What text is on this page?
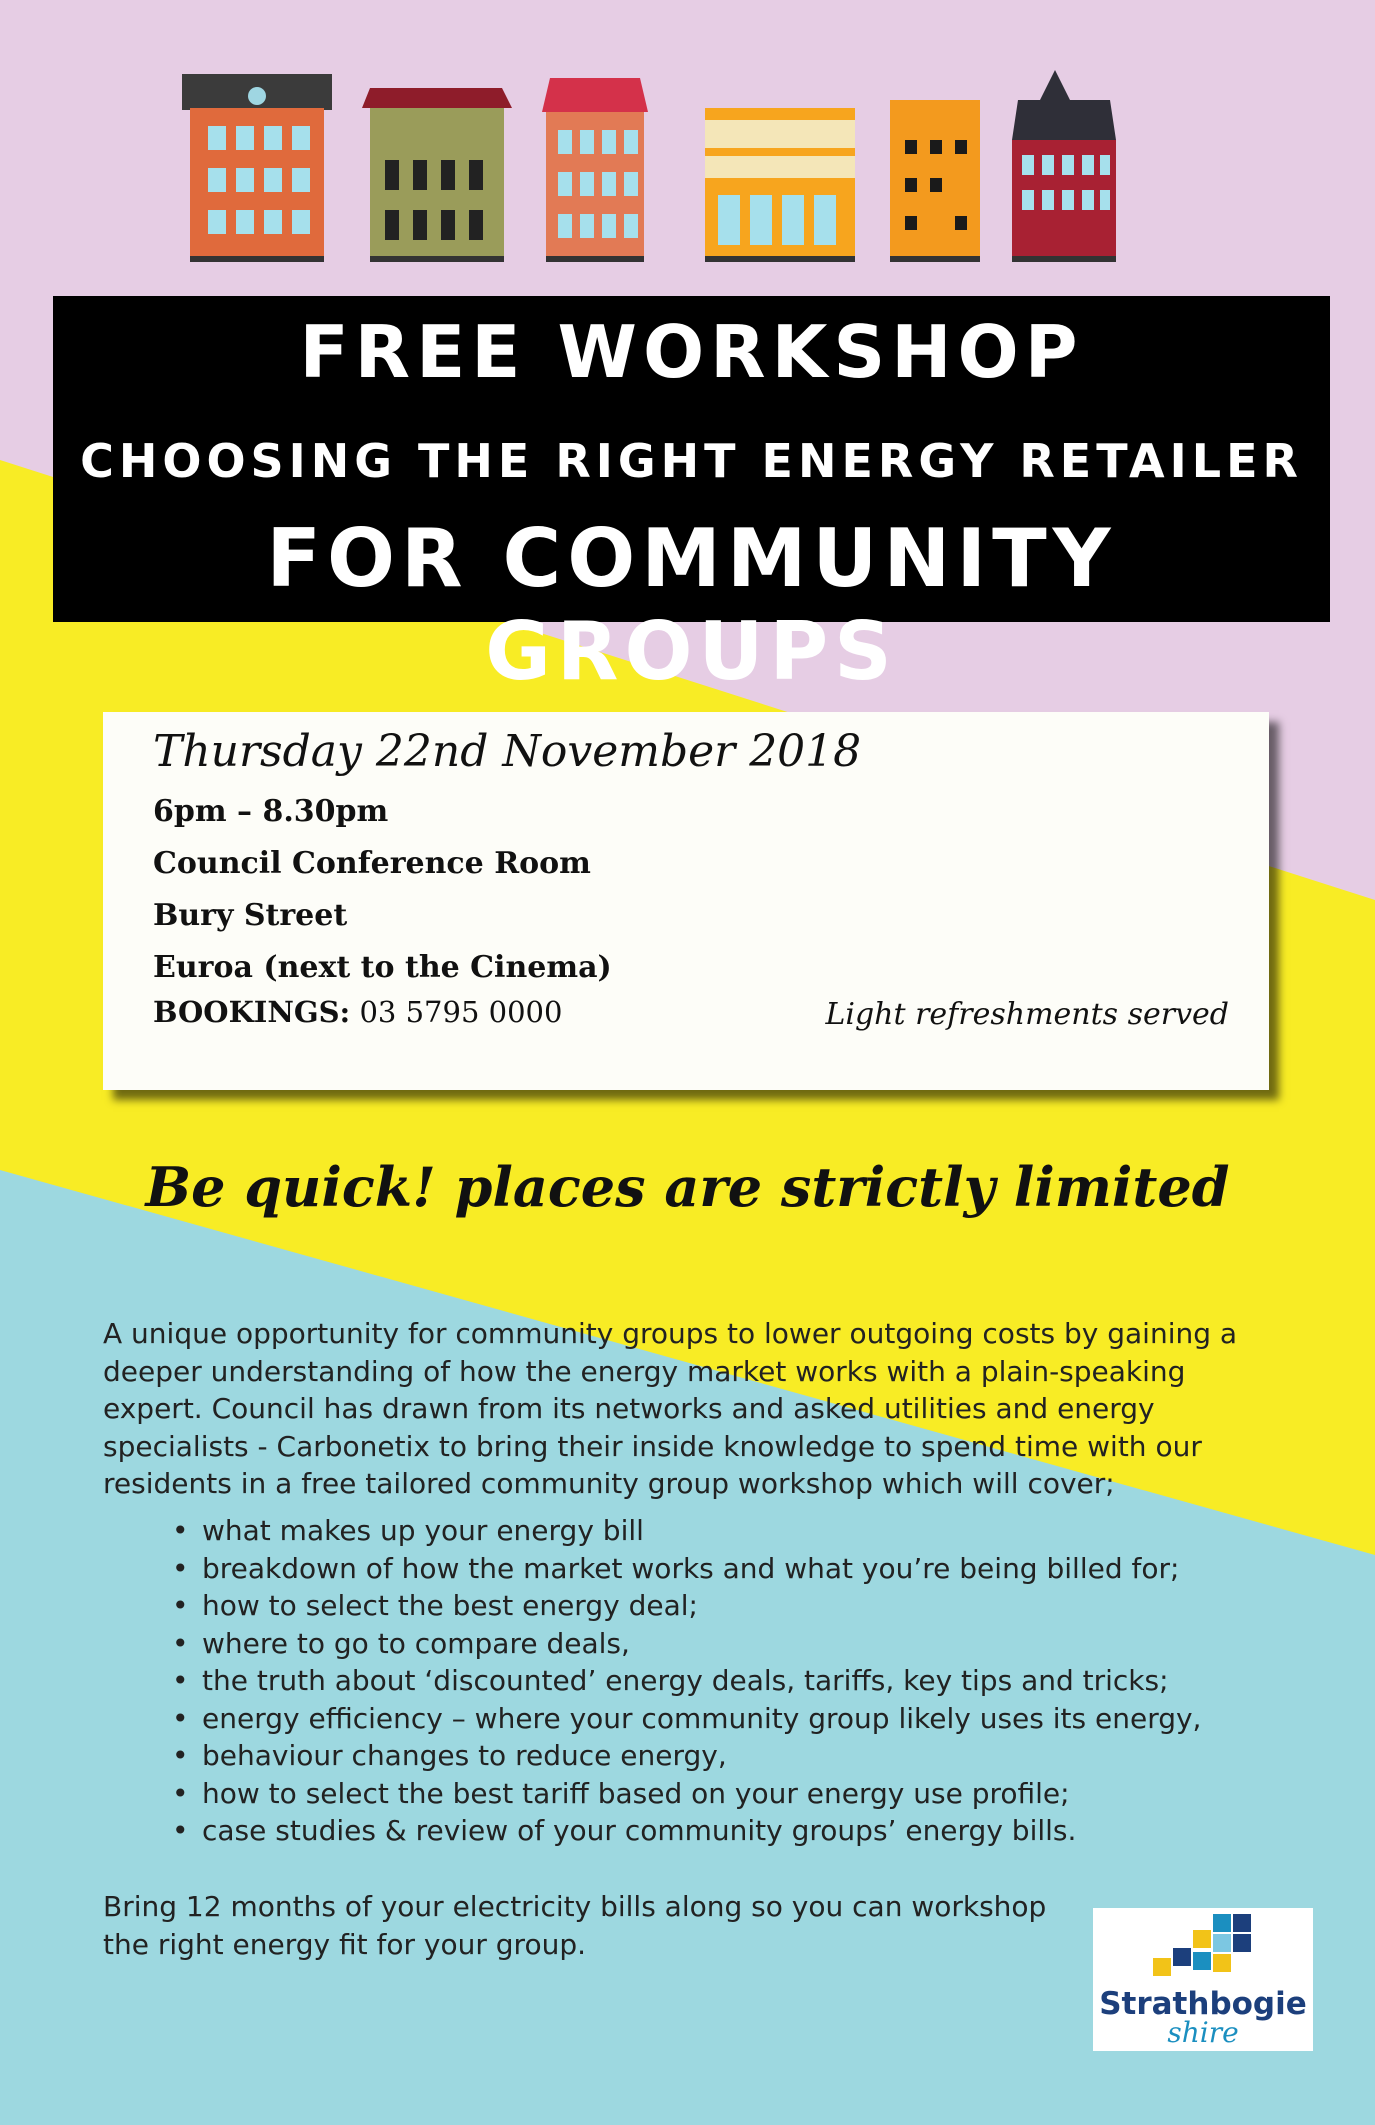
FREE WORKSHOP
CHOOSING THE RIGHT ENERGY RETAILER
FOR COMMUNITY GROUPS
Thursday 22nd November 2018
6pm – 8.30pm
Council Conference Room
Bury Street
Euroa (next to the Cinema)
BOOKINGS: 03 5795 0000	Light refreshments served
Be quick! places are strictly limited
A unique opportunity for community groups to lower outgoing costs by gaining a
deeper understanding of how the energy market works with a plain-speaking
expert. Council has drawn from its networks and asked utilities and energy
specialists - Carbonetix to bring their inside knowledge to spend time with our
residents in a free tailored community group workshop which will cover;
• what makes up your energy bill
• breakdown of how the market works and what you’re being billed for;
• how to select the best energy deal;
• where to go to compare deals,
• the truth about ‘discounted’ energy deals, tariffs, key tips and tricks;
• energy efficiency – where your community group likely uses its energy,
• behaviour changes to reduce energy,
• how to select the best tariff based on your energy use profile;
• case studies & review of your community groups’ energy bills.
Bring 12 months of your electricity bills along so you can workshop
the right energy fit for your group.
Strathbogie
shire
